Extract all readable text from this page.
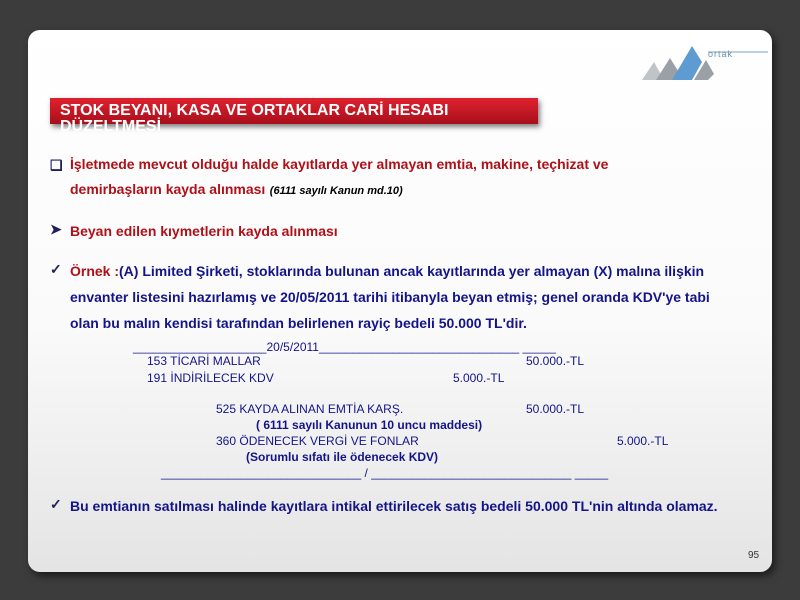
ortak
STOK BEYANI, KASA VE ORTAKLAR CARİ HESABI DÜZELTMESİ
❑ İşletmede mevcut olduğu halde kayıtlarda yer almayan emtia, makine, teçhizat ve

demirbaşların kayda alınması (6111 sayılı Kanun md.10)

➤ Beyan edilen kıymetlerin kayda alınması

✓ Örnek :(A) Limited Şirketi, stoklarında bulunan ancak kayıtlarında yer almayan (X) malına ilişkin

envanter listesini hazırlamış ve 20/05/2011 tarihi itibanyla beyan etmiş; genel oranda KDV'ye tabi

olan bu malın kendisi tarafından belirlenen rayiç bedeli 50.000 TL'dir.

____________________20/5/2011______________________________ _____
153 TİCARİ MALLAR	50.000.-TL
191 İNDİRİLECEK KDV	5.000.-TL
525 KAYDA ALINAN EMTİA KARŞ.	50.000.-TL
( 6111 sayılı Kanunun 10 uncu maddesi)
360 ÖDENECEK VERGİ VE FONLAR	5.000.-TL
(Sorumlu sıfatı ile ödenecek KDV)
______________________________ / ______________________________ _____
✓ Bu emtianın satılması halinde kayıtlara intikal ettirilecek satış bedeli 50.000 TL'nin altında olamaz.

95
